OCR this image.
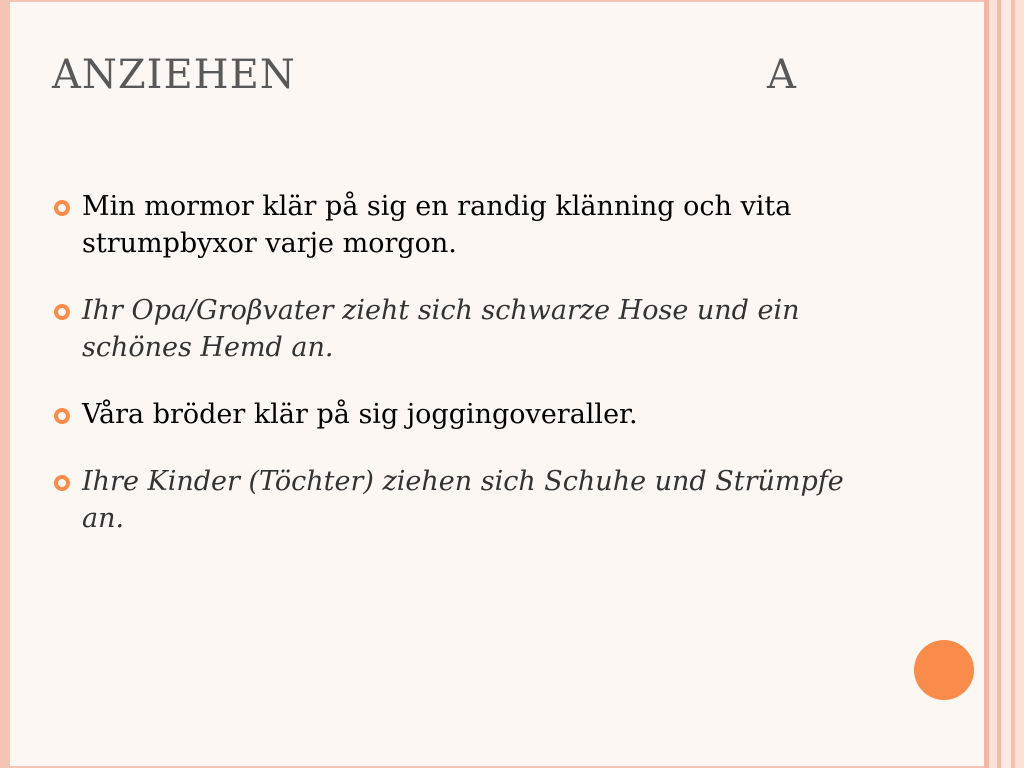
ANZIEHEN	A
Min mormor klär på sig en randig klänning och vita strumpbyxor varje morgon.
Ihr Opa/Groβvater zieht sich schwarze Hose und ein schönes Hemd an.
Våra bröder klär på sig joggingoveraller.
Ihre Kinder (Töchter) ziehen sich Schuhe und Strümpfe an.
